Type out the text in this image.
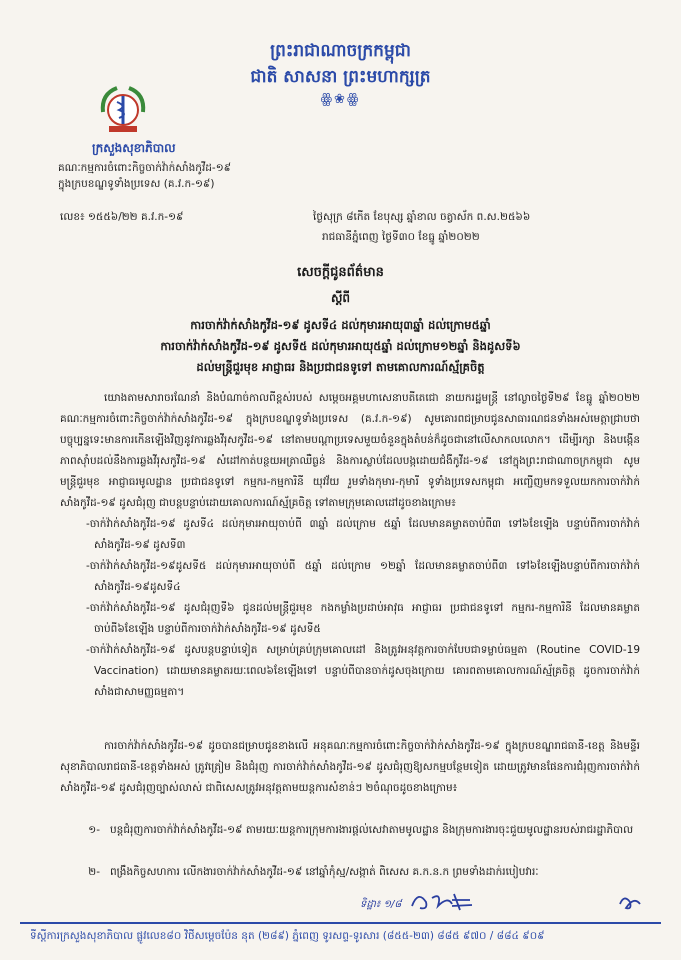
ព្រះរាជាណាចក្រកម្ពុជា
ជាតិ សាសនា ព្រះមហាក្សត្រ
ꙮ❀ꙮ
ក្រសួងសុខាភិបាល
គណៈកម្មការចំពោះកិច្ចចាក់វ៉ាក់សាំងកូវីដ-១៩
ក្នុងក្របខណ្ឌទូទាំងប្រទេស (គ.វ.ក-១៩)
លេខ៖ ១៥៥៦/២២ គ.វ.ក-១៩	ថ្ងៃសុក្រ ៨កើត ខែបុស្ស ឆ្នាំខាល ចត្វាស័ក ព.ស.២៥៦៦
រាជធានីភ្នំពេញ ថ្ងៃទី៣០ ខែធ្នូ ឆ្នាំ២០២២
សេចក្តីជូនព័ត៌មាន
ស្តីពី
ការចាក់វ៉ាក់សាំងកូវីដ-១៩ ដូសទី៤ ដល់កុមារអាយុ៣ឆ្នាំ ដល់ក្រោម៥ឆ្នាំ
ការចាក់វ៉ាក់សាំងកូវីដ-១៩ ដូសទី៥ ដល់កុមារអាយុ៥ឆ្នាំ ដល់ក្រោម១២ឆ្នាំ និងដូសទី៦
ដល់មន្ត្រីជួរមុខ អាជ្ញាធរ និងប្រជាជនទូទៅ តាមគោលការណ៍ស្ម័គ្រចិត្ត

យោងតាមសារាចរណែនាំ និងបំណាច់កាលពីខ្ពស់របស់ សម្តេចអគ្គមហាសេនាបតីតេជោ នាយករដ្ឋមន្ត្រី នៅល្ងាចថ្ងៃទី២៩ ខែធ្នូ ឆ្នាំ២០២២ គណៈកម្មការចំពោះកិច្ចចាក់វ៉ាក់សាំងកូវីដ-១៩ ក្នុងក្របខណ្ឌទូទាំងប្រទេស (គ.វ.ក-១៩) សូមគោរពជម្រាបជូនសាធារណជនទាំងអស់មេត្តាជ្រាបថា បច្ចុប្បន្នទេះមានការកើនឡើងវិញនូវការឆ្លងវីរុសកូវីដ-១៩ នៅតាមបណ្តាប្រទេសមួយចំនួនក្នុងតំបន់ក៏ដូចជានៅលើសាកលលោក។ ដើម្បីរក្សា និងបង្កើនភាពស៊ាំបដល់នឹងការឆ្លងវីរុសកូវីដ-១៩ សំដៅកាត់បន្ថយអត្រាឈឺធ្ងន់ និងការស្លាប់ដែលបង្កដោយជំងឺកូវីដ-១៩ នៅក្នុងព្រះរាជាណាចក្រកម្ពុជា សូម មន្ត្រីជួរមុខ អាជ្ញាធរមូលដ្ឋាន ប្រជាជនទូទៅ កម្មករ-កម្មការិនី យុវវ័យ រួមទាំងកុមារ-កុមារី ទូទាំងប្រទេសកម្ពុជា អញ្ជើញមកទទួលយកការចាក់វ៉ាក់សាំងកូវីដ-១៩ ដូសជំរុញ ជាបន្តបន្ទាប់ដោយគោលការណ៍ស្ម័គ្រចិត្ត ទៅតាមក្រុមគោលដៅដូចខាងក្រោម៖

-ចាក់វ៉ាក់សាំងកូវីដ-១៩ ដូសទី៤ ដល់កុមារអាយុចាប់ពី ៣ឆ្នាំ ដល់ក្រោម ៥ឆ្នាំ ដែលមានគម្លាតចាប់ពី៣ ទៅ៦ខែឡើង បន្ទាប់ពីការចាក់វ៉ាក់សាំងកូវីដ-១៩ ដូសទី៣

-ចាក់វ៉ាក់សាំងកូវីដ-១៩ដូសទី៥ ដល់កុមារអាយុចាប់ពី ៥ឆ្នាំ ដល់ក្រោម ១២ឆ្នាំ ដែលមានគម្លាតចាប់ពី៣ ទៅ៦ខែឡើងបន្ទាប់ពីការចាក់វ៉ាក់សាំងកូវីដ-១៩ដូសទី៤

-ចាក់វ៉ាក់សាំងកូវីដ-១៩ ដូសជំរុញទី៦ ជូនដល់មន្ត្រីជួរមុខ កងកម្លាំងប្រដាប់អាវុធ អាជ្ញាធរ ប្រជាជនទូទៅ កម្មករ-កម្មការិនី ដែលមានគម្លាតចាប់ពី៦ខែឡើង បន្ទាប់ពីការចាក់វ៉ាក់សាំងកូវីដ-១៩ ដូសទី៥

-ចាក់វ៉ាក់សាំងកូវីដ-១៩ ដូសបន្តបន្ទាប់ទៀត សម្រាប់គ្រប់ក្រុមគោលដៅ និងត្រូវអនុវត្តការចាក់បែបជាទម្លាប់ធម្មតា (Routine COVID-19 Vaccination) ដោយមានគម្លាតរយៈពេល៦ខែឡើងទៅ បន្ទាប់ពីបានចាក់ដូសចុងក្រោយ គោរពតាមគោលការណ៍ស្ម័គ្រចិត្ត ដូចការចាក់វ៉ាក់សាំងជាសាមញ្ញធម្មតា។

ការចាក់វ៉ាក់សាំងកូវីដ-១៩ ដូចបានជម្រាបជូនខាងលើ អនុគណៈកម្មការចំពោះកិច្ចចាក់វ៉ាក់សាំងកូវីដ-១៩ ក្នុងក្របខណ្ឌរាជធានី-ខេត្ត និងមន្ទីរសុខាភិបាលរាជធានី-ខេត្តទាំងអស់ ត្រូវត្រៀម និងជំរុញ ការចាក់វ៉ាក់សាំងកូវីដ-១៩ ដូសជំរុញឱ្យសកម្មបន្ថែមទៀត ដោយត្រូវមានផែនការជំរុញការចាក់វ៉ាក់សាំងកូវីដ-១៩ ដូសជំរុញច្បាស់លាស់ ជាពិសេសត្រូវអនុវត្តតាមយន្តការសំខាន់ៗ ២ចំណុចដូចខាងក្រោម៖

១- បន្តជំរុញការចាក់វ៉ាក់សាំងកូវីដ-១៩ តាមរយៈយន្តការក្រុមការងារផ្តល់សេវាតាមមូលដ្ឋាន និងក្រុមការងារចុះជួយមូលដ្ឋានរបស់រាជរដ្ឋាភិបាល
២- ពង្រឹងកិច្ចសហការ លើកងារចាក់វ៉ាក់សាំងកូវីដ-១៩ នៅឆ្នាំកុំស្ម/សង្កាត់ ពិសេស គ.ក.ន.ក ព្រមទាំងដាក់របៀបវារៈ
ទិដ្ឋា៖ ១/៨
ទីស្តីការក្រសួងសុខាភិបាល ផ្លូវលេខ៨០ វិថីសម្តេចប៉ែន នុត (២៨៩) ភ្នំពេញ ទូរសព្ទ-ទូរសារ (៨៥៥-២៣) ៨៨៥ ៩៧០ / ៨៨៤ ៩០៩
